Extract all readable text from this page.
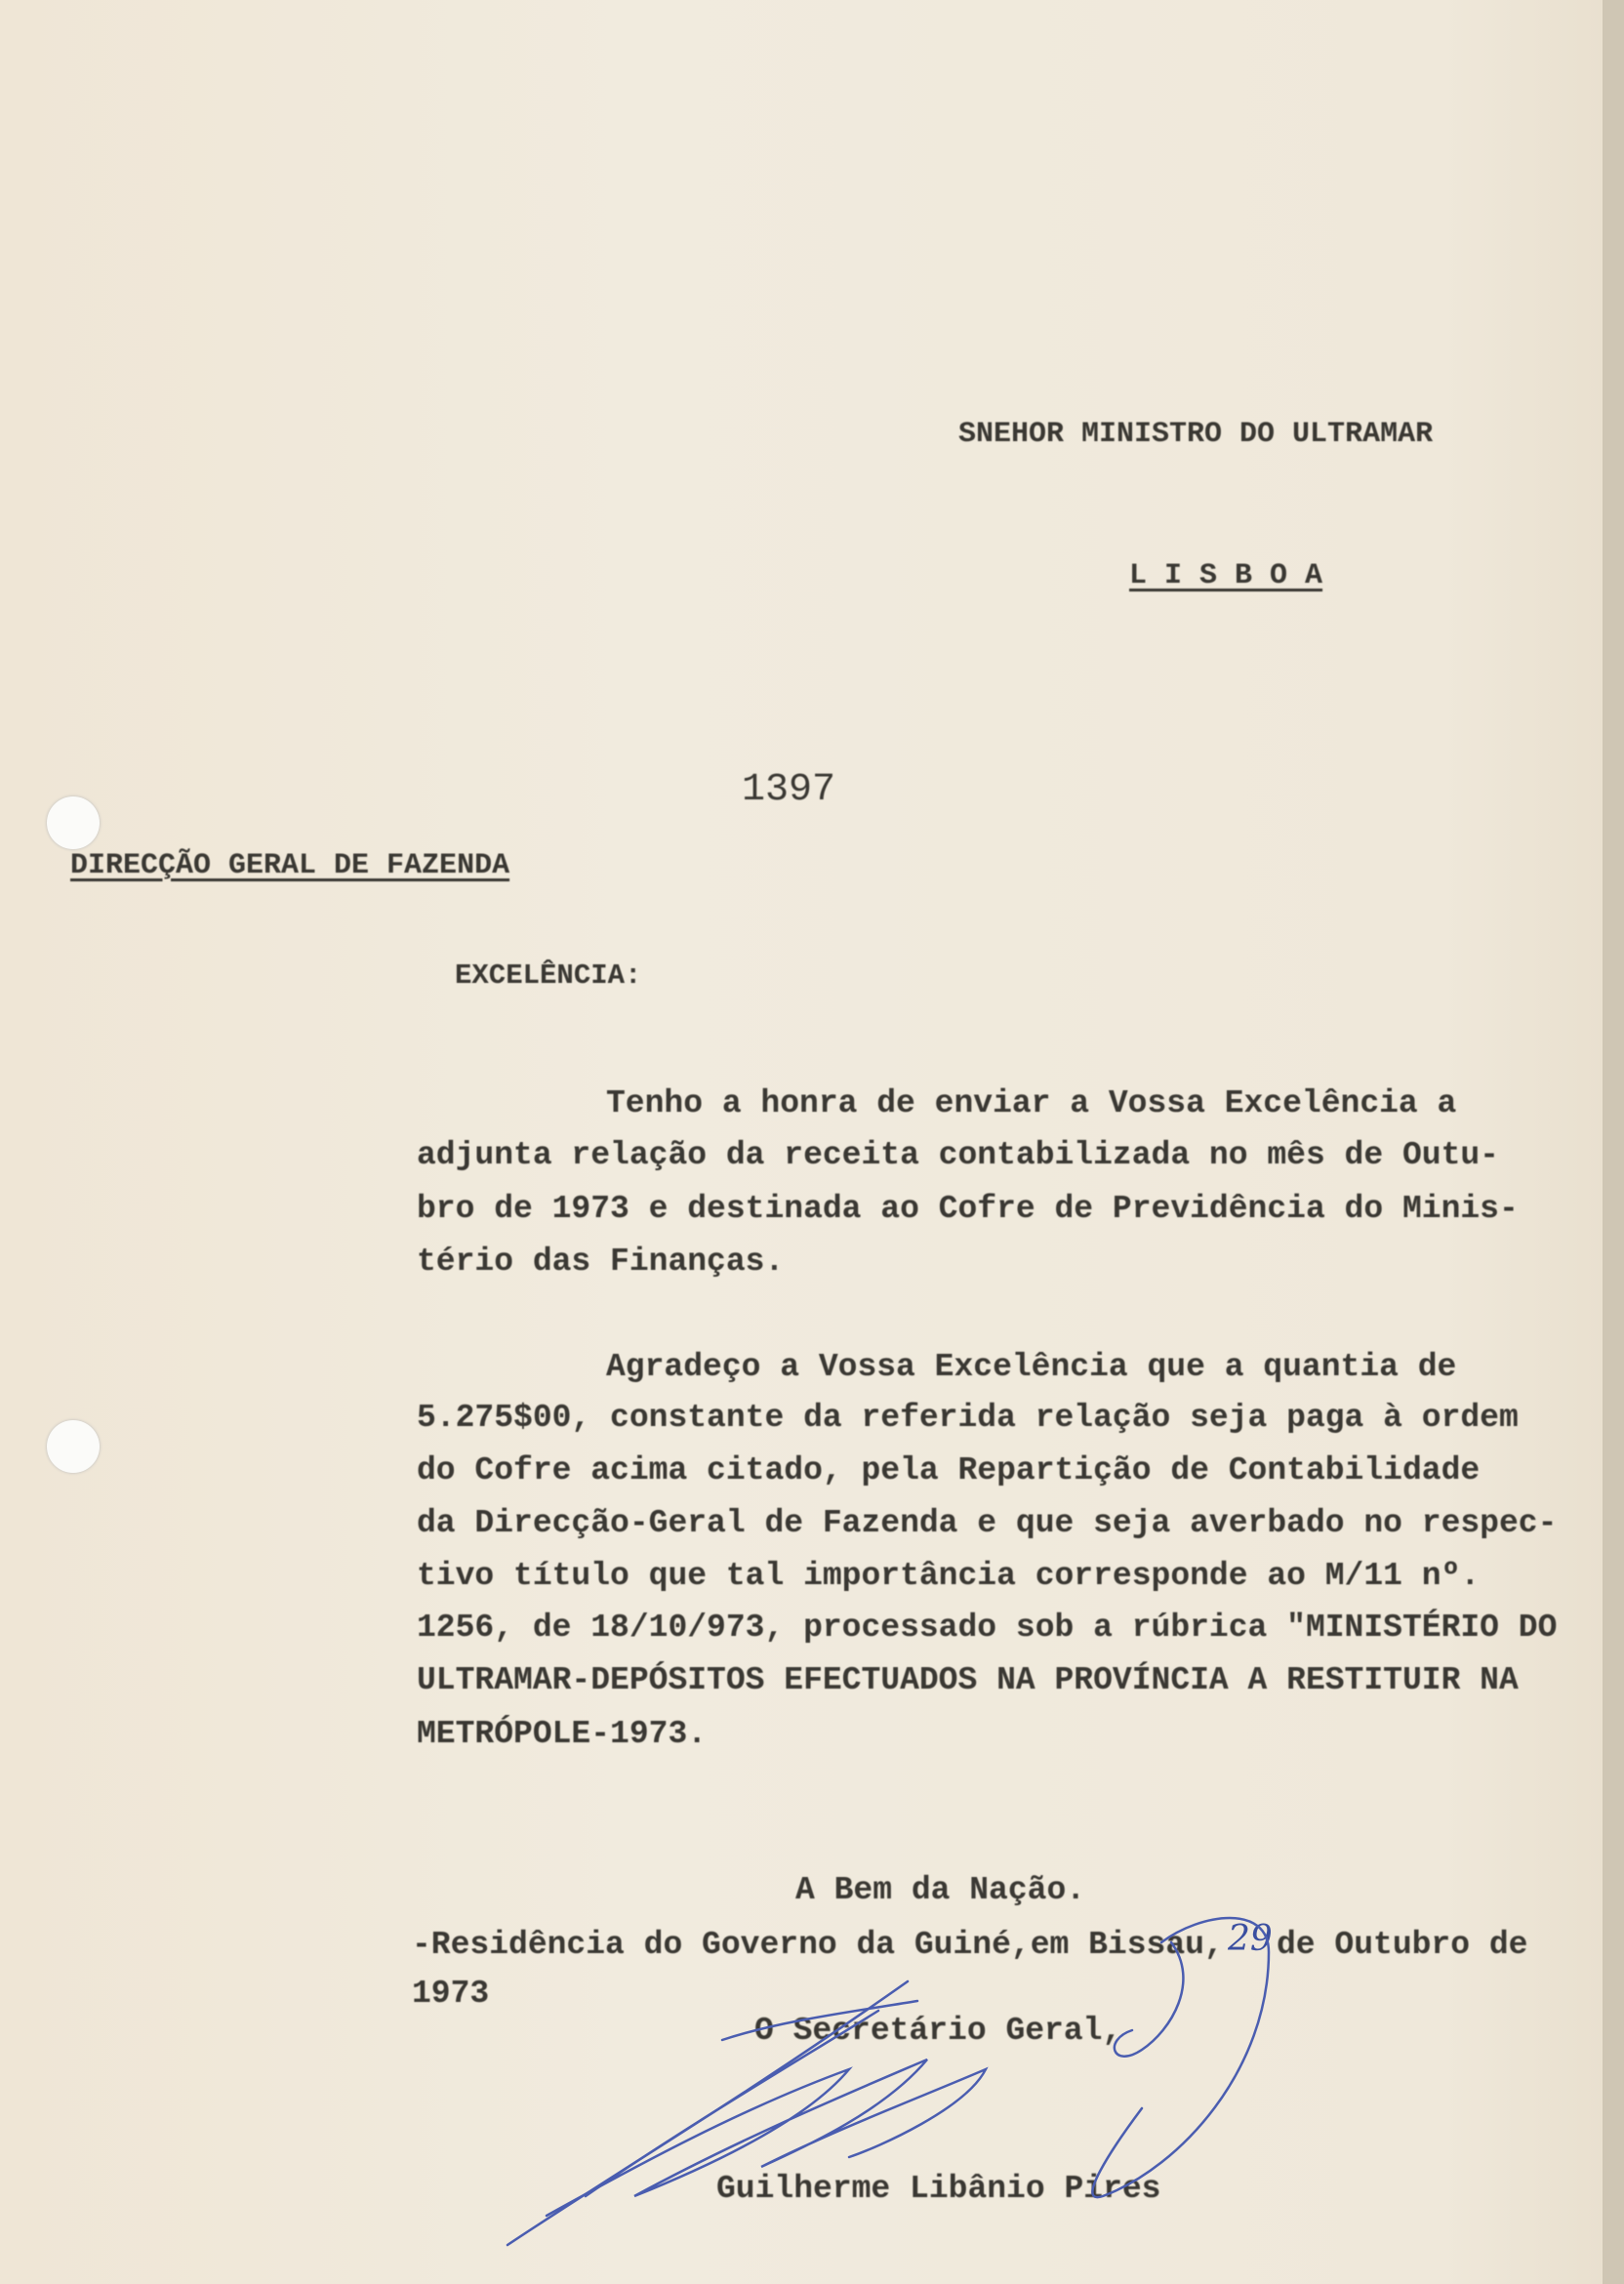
SNEHOR MINISTRO DO ULTRAMAR
L I S B O A
1397
DIRECÇÃO GERAL DE FAZENDA
EXCELÊNCIA:
Tenho a honra de enviar a Vossa Excelência a
adjunta relação da receita contabilizada no mês de Outu-
bro de 1973 e destinada ao Cofre de Previdência do Minis-
tério das Finanças.
Agradeço a Vossa Excelência que a quantia de
5.275$00, constante da referida relação seja paga à ordem
do Cofre acima citado, pela Repartição de Contabilidade
da Direcção-Geral de Fazenda e que seja averbado no respec-
tivo título que tal importância corresponde ao M/11 nº.
1256, de 18/10/973, processado sob a rúbrica "MINISTÉRIO DO
ULTRAMAR-DEPÓSITOS EFECTUADOS NA PROVÍNCIA A RESTITUIR NA
METRÓPOLE-1973.
A Bem da Nação.
-Residência do Governo da Guiné,em Bissau, 29 de Outubro de
1973
O Secretário Geral,
Guilherme Libânio Pires
